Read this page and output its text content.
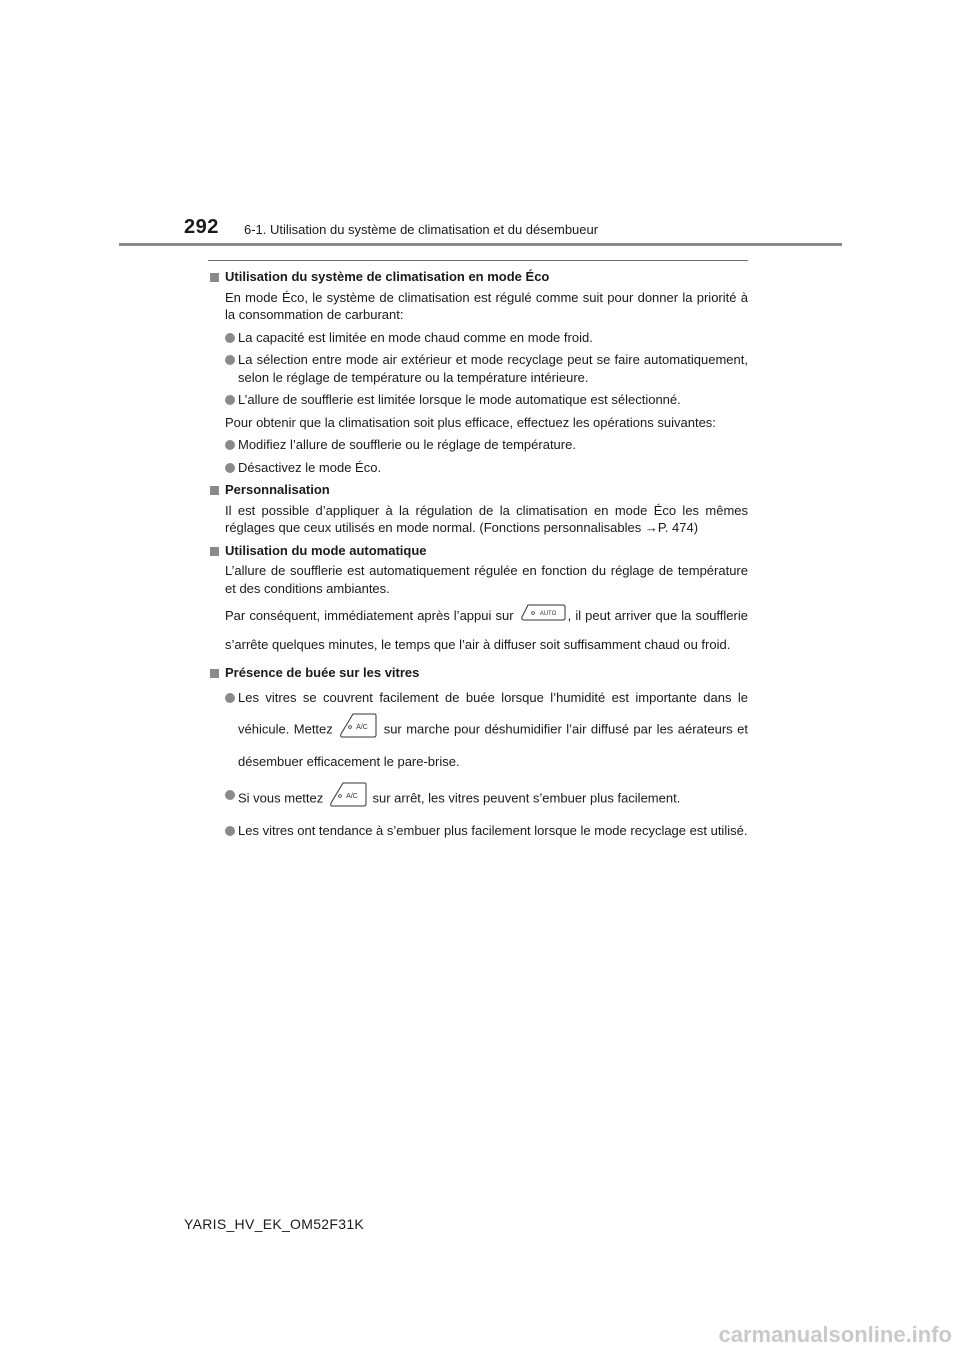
292 6-1. Utilisation du système de climatisation et du désembueur
Utilisation du système de climatisation en mode Éco
En mode Éco, le système de climatisation est régulé comme suit pour donner la priorité à la consommation de carburant:
La capacité est limitée en mode chaud comme en mode froid.
La sélection entre mode air extérieur et mode recyclage peut se faire automatiquement, selon le réglage de température ou la température intérieure.
L’allure de soufflerie est limitée lorsque le mode automatique est sélectionné.
Pour obtenir que la climatisation soit plus efficace, effectuez les opérations suivantes:
Modifiez l’allure de soufflerie ou le réglage de température.
Désactivez le mode Éco.
Personnalisation
Il est possible d’appliquer à la régulation de la climatisation en mode Éco les mêmes réglages que ceux utilisés en mode normal. (Fonctions personnalisables →P. 474)
Utilisation du mode automatique
L’allure de soufflerie est automatiquement régulée en fonction du réglage de température et des conditions ambiantes.
Par conséquent, immédiatement après l’appui sur	AUTO , il peut arriver que la soufflerie s’arrête quelques minutes, le temps que l’air à diffuser soit suffisamment chaud ou froid.
Présence de buée sur les vitres
Les vitres se couvrent facilement de buée lorsque l’humidité est importante dans le véhicule. Mettez	A/C sur marche pour déshumidifier l’air diffusé par les aérateurs et désembuer efficacement le pare-brise.
Si vous mettez	A/C sur arrêt, les vitres peuvent s’embuer plus facilement.
Les vitres ont tendance à s’embuer plus facilement lorsque le mode recyclage est utilisé.
YARIS_HV_EK_OM52F31K
carmanualsonline.info
